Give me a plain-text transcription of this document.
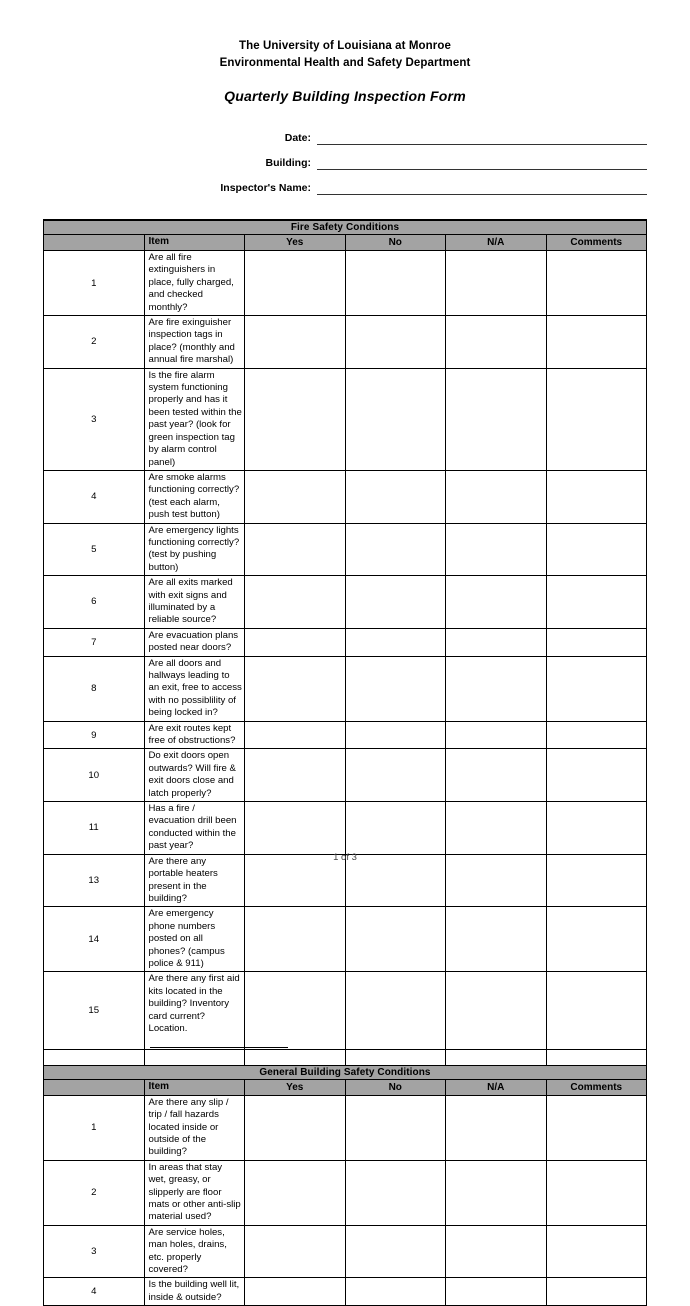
The University of Louisiana at Monroe
Environmental Health and Safety Department
Quarterly Building Inspection Form
Date:
Building:
Inspector's Name:
Fire Safety Conditions					
	Item	Yes	No	N/A	Comments
1	Are all fire extinguishers in place, fully charged, and checked monthly?				
2	Are fire exinguisher inspection tags in place? (monthly and annual fire marshal)				
3	Is the fire alarm system functioning properly and has it been tested within the past year? (look for green inspection tag by alarm control panel)				
4	Are smoke alarms functioning correctly? (test each alarm, push test button)				
5	Are emergency lights functioning correctly? (test by pushing button)				
6	Are all exits marked with exit signs and illuminated by a reliable source?				
7	Are evacuation plans posted near doors?				
8	Are all doors and hallways leading to an exit, free to access with no possiblility of being locked in?				
9	Are exit routes kept free of obstructions?				
10	Do exit doors open outwards? Will fire & exit doors close and latch properly?				
11	Has a fire / evacuation drill been conducted within the past year?				
13	Are there any portable heaters present in the building?				
14	Are emergency phone numbers posted on all phones? (campus police & 911)				
15	Are there any first aid kits located in the building? Inventory card current?
Location.				

General Building Safety Conditions					
	Item	Yes	No	N/A	Comments
1	Are there any slip / trip / fall hazards located inside or outside of the building?				
2	In areas that stay wet, greasy, or slipperly are floor mats or other anti-slip material used?				
3	Are service holes, man holes, drains, etc. properly covered?				
4	Is the building well lit, inside & outside?				
1 of 3
